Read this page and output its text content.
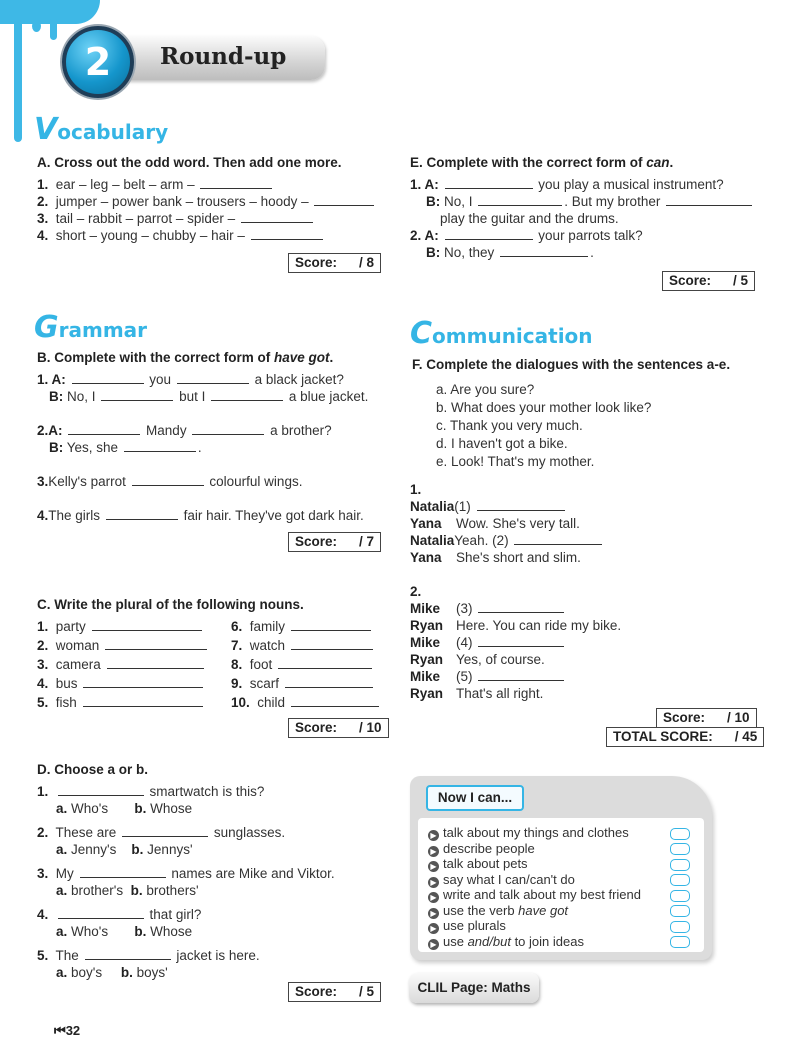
Round-up
2
Vocabulary
A. Cross out the odd word. Then add one more.
1. ear – leg – belt – arm –
2. jumper – power bank – trousers – hoody –
3. tail – rabbit – parrot – spider –
4. short – young – chubby – hair –
Score: / 8
Grammar
B. Complete with the correct form of have got.
1. A:	you	a black jacket?
B: No, I	but I	a blue jacket.
2.A:	Mandy	a brother?
B: Yes, she	.
3.Kelly's parrot	colourful wings.
4.The girls	fair hair. They've got dark hair.
Score: / 7
C. Write the plural of the following nouns.
1. party
2. woman
3. camera
4. bus
5. fish
6. family
7. watch
8. foot
9. scarf
10. child
Score: / 10
D. Choose a or b.
1.	smartwatch is this?
a. Who's b. Whose
2. These are	sunglasses.
a. Jenny's b. Jennys'
3. My	names are Mike and Viktor.
a. brother's b. brothers'
4.	that girl?
a. Who's b. Whose
5. The	jacket is here.
a. boy's b. boys'
Score: / 5
E. Complete with the correct form of can.
1. A:	you play a musical instrument?
B: No, I	. But my brother
play the guitar and the drums.
2. A:	your parrots talk?
B: No, they	.
Score: / 5
Communication
F. Complete the dialogues with the sentences a-e.
a. Are you sure?
b. What does your mother look like?
c. Thank you very much.
d. I haven't got a bike.
e. Look! That's my mother.
1.
Natalia(1)
Yana Wow. She's very tall.
NataliaYeah. (2)
Yana She's short and slim.
2.
Mike (3)
Ryan Here. You can ride my bike.
Mike (4)
Ryan Yes, of course.
Mike (5)
Ryan That's all right.
Score: / 10
TOTAL SCORE: / 45
Now I can...
▶ talk about my things and clothes
▶ describe people
▶ talk about pets
▶ say what I can/can't do
▶ write and talk about my best friend
▶ use the verb have got
▶ use plurals
▶ use and/but to join ideas
CLIL Page: Maths
⏮32
